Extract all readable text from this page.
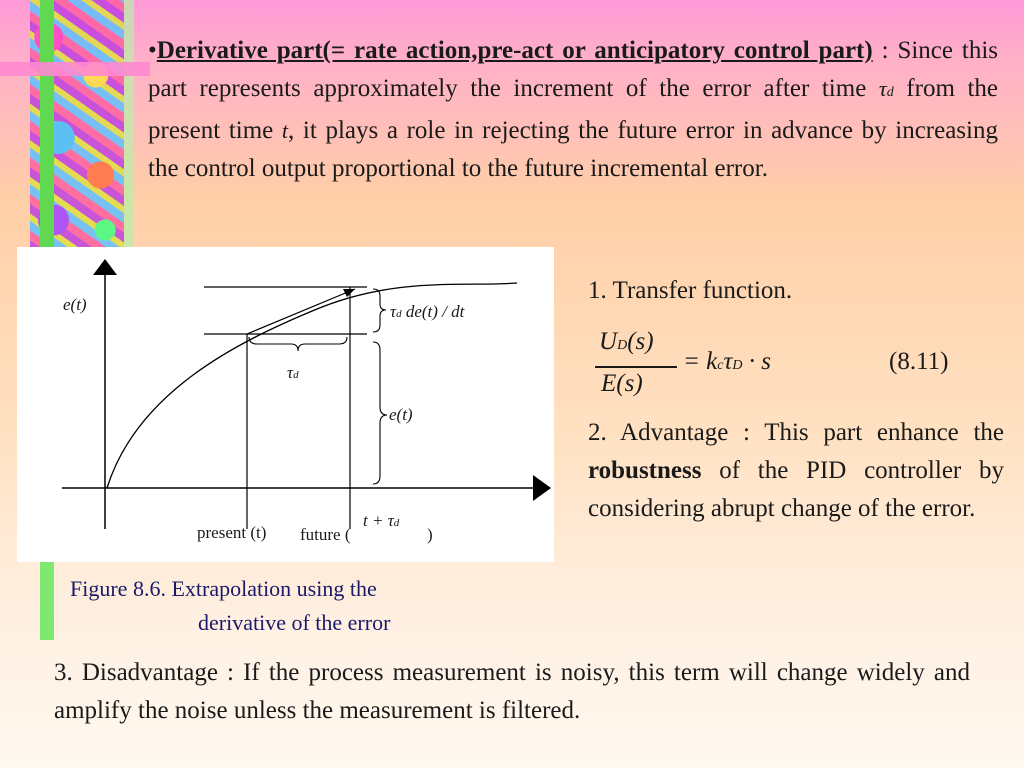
•Derivative part(= rate action,pre-act or anticipatory control part) : Since this part represents approximately the increment of the error after time τd from the present time t, it plays a role in rejecting the future error in advance by increasing the control output proportional to the future incremental error.
e(t)	τd de(t) / dt
τd
e(t)
present (t) future (
t + τd
)
Figure 8.6. Extrapolation using the
derivative of the error
1. Transfer function.
UD(s)
E(s)
= kcτD · s	(8.11)
2. Advantage : This part enhance the robustness of the PID controller by considering abrupt change of the error.
3. Disadvantage : If the process measurement is noisy, this term will change widely and amplify the noise unless the measurement is filtered.
